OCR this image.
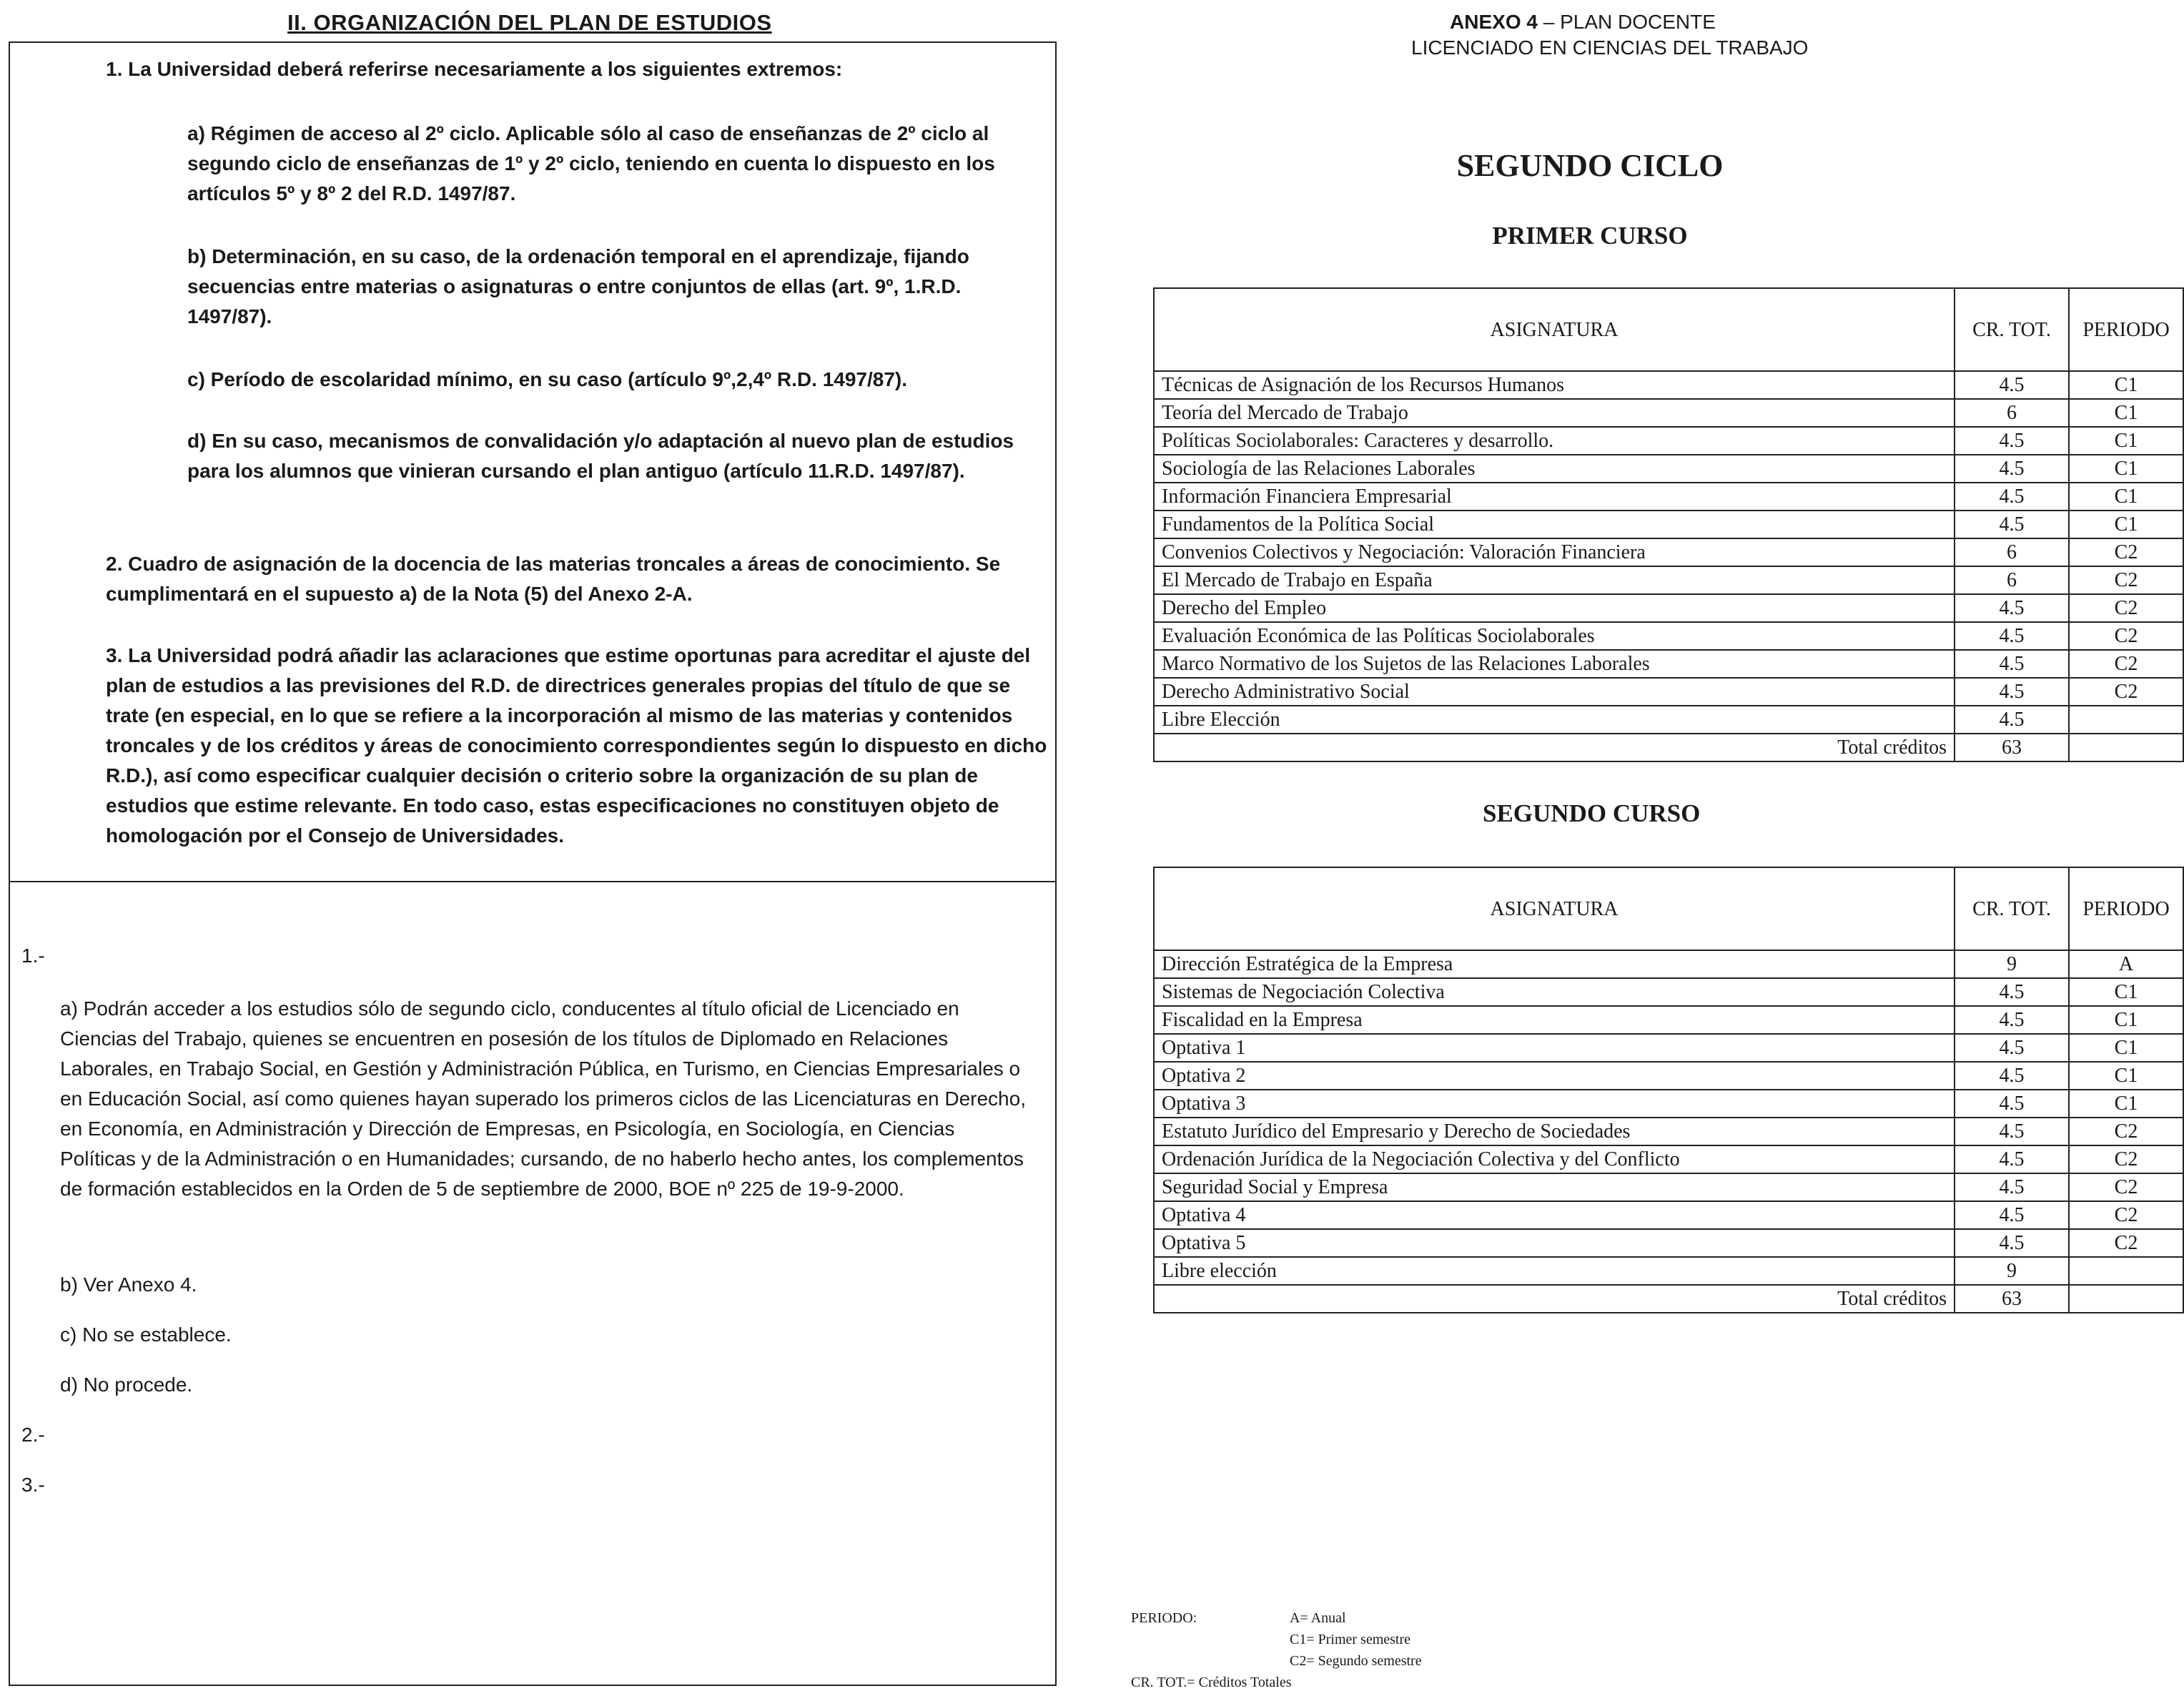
II. ORGANIZACIÓN DEL PLAN DE ESTUDIOS
1. La Universidad deberá referirse necesariamente a los siguientes extremos:
a) Régimen de acceso al 2º ciclo. Aplicable sólo al caso de enseñanzas de 2º ciclo al segundo ciclo de enseñanzas de 1º y 2º ciclo, teniendo en cuenta lo dispuesto en los artículos 5º y 8º 2 del R.D. 1497/87.
b) Determinación, en su caso, de la ordenación temporal en el aprendizaje, fijando secuencias entre materias o asignaturas o entre conjuntos de ellas (art. 9º, 1.R.D. 1497/87).
c) Período de escolaridad mínimo, en su caso (artículo 9º,2,4º R.D. 1497/87).
d) En su caso, mecanismos de convalidación y/o adaptación al nuevo plan de estudios para los alumnos que vinieran cursando el plan antiguo (artículo 11.R.D. 1497/87).
2. Cuadro de asignación de la docencia de las materias troncales a áreas de conocimiento. Se cumplimentará en el supuesto a) de la Nota (5) del Anexo 2-A.
3. La Universidad podrá añadir las aclaraciones que estime oportunas para acreditar el ajuste del plan de estudios a las previsiones del R.D. de directrices generales propias del título de que se trate (en especial, en lo que se refiere a la incorporación al mismo de las materias y contenidos troncales y de los créditos y áreas de conocimiento correspondientes según lo dispuesto en dicho R.D.), así como especificar cualquier decisión o criterio sobre la organización de su plan de estudios que estime relevante. En todo caso, estas especificaciones no constituyen objeto de homologación por el Consejo de Universidades.
1.-
a) Podrán acceder a los estudios sólo de segundo ciclo, conducentes al título oficial de Licenciado en Ciencias del Trabajo, quienes se encuentren en posesión de los títulos de Diplomado en Relaciones Laborales, en Trabajo Social, en Gestión y Administración Pública, en Turismo, en Ciencias Empresariales o en Educación Social, así como quienes hayan superado los primeros ciclos de las Licenciaturas en Derecho, en Economía, en Administración y Dirección de Empresas, en Psicología, en Sociología, en Ciencias Políticas y de la Administración o en Humanidades; cursando, de no haberlo hecho antes, los complementos de formación establecidos en la Orden de 5 de septiembre de 2000, BOE nº 225 de 19-9-2000.
b) Ver Anexo 4.
c) No se establece.
d) No procede.
2.-
3.-
ANEXO 4 – PLAN DOCENTE
LICENCIADO EN CIENCIAS DEL TRABAJO
SEGUNDO CICLO
PRIMER CURSO
ASIGNATURA	CR. TOT.	PERIODO
Técnicas de Asignación de los Recursos Humanos	4.5	C1
Teoría del Mercado de Trabajo	6	C1
Políticas Sociolaborales: Caracteres y desarrollo.	4.5	C1
Sociología de las Relaciones Laborales	4.5	C1
Información Financiera Empresarial	4.5	C1
Fundamentos de la Política Social	4.5	C1
Convenios Colectivos y Negociación: Valoración Financiera	6	C2
El Mercado de Trabajo en España	6	C2
Derecho del Empleo	4.5	C2
Evaluación Económica de las Políticas Sociolaborales	4.5	C2
Marco Normativo de los Sujetos de las Relaciones Laborales	4.5	C2
Derecho Administrativo Social	4.5	C2
Libre Elección	4.5	
Total créditos	63	
SEGUNDO CURSO
ASIGNATURA	CR. TOT.	PERIODO
Dirección Estratégica de la Empresa	9	A
Sistemas de Negociación Colectiva	4.5	C1
Fiscalidad en la Empresa	4.5	C1
Optativa 1	4.5	C1
Optativa 2	4.5	C1
Optativa 3	4.5	C1
Estatuto Jurídico del Empresario y Derecho de Sociedades	4.5	C2
Ordenación Jurídica de la Negociación Colectiva y del Conflicto	4.5	C2
Seguridad Social y Empresa	4.5	C2
Optativa 4	4.5	C2
Optativa 5	4.5	C2
Libre elección	9	
Total créditos	63	
PERIODO:	A= Anual
C1= Primer semestre
C2= Segundo semestre
CR. TOT.= Créditos Totales
